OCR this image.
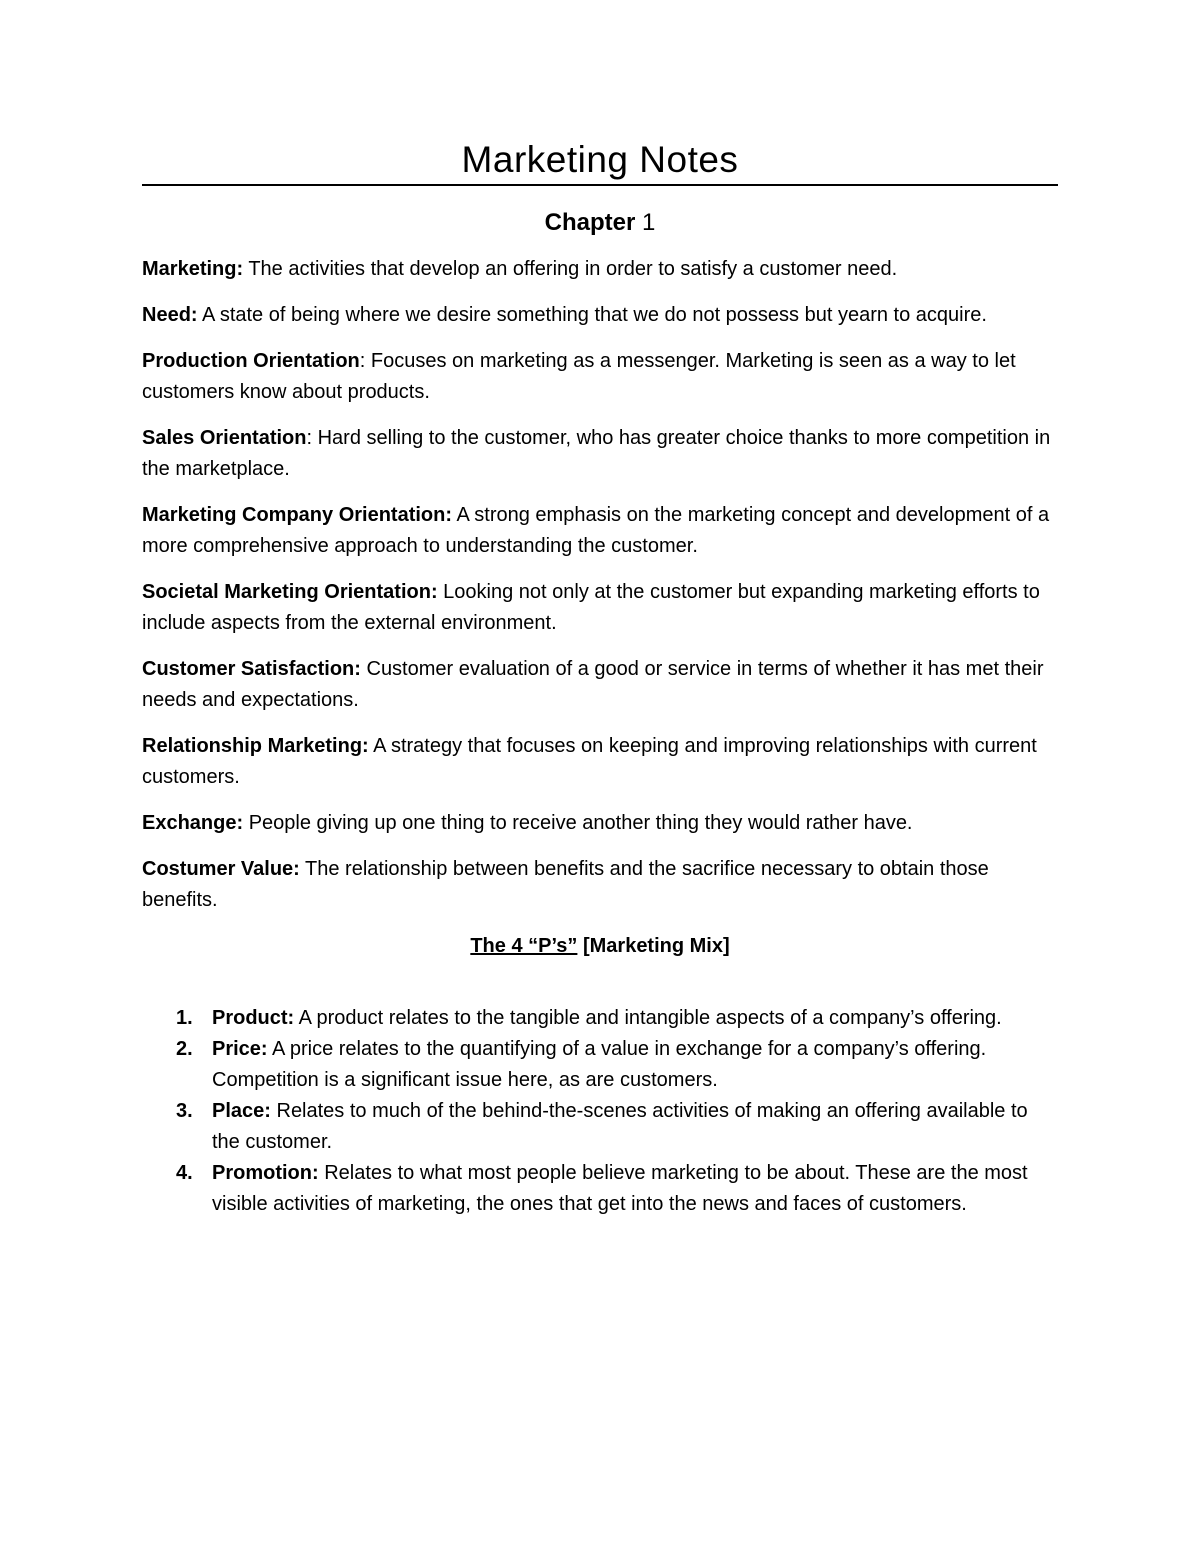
Marketing Notes
Chapter 1

Marketing: The activities that develop an offering in order to satisfy a customer need.

Need: A state of being where we desire something that we do not possess but yearn to acquire.

Production Orientation: Focuses on marketing as a messenger. Marketing is seen as a way to let customers know about products.

Sales Orientation: Hard selling to the customer, who has greater choice thanks to more competition in the marketplace.

Marketing Company Orientation: A strong emphasis on the marketing concept and development of a more comprehensive approach to understanding the customer.

Societal Marketing Orientation: Looking not only at the customer but expanding marketing efforts to include aspects from the external environment.

Customer Satisfaction: Customer evaluation of a good or service in terms of whether it has met their needs and expectations.

Relationship Marketing: A strategy that focuses on keeping and improving relationships with current customers.

Exchange: People giving up one thing to receive another thing they would rather have.

Costumer Value: The relationship between benefits and the sacrifice necessary to obtain those benefits.

The 4 “P’s” [Marketing Mix]
1. Product: A product relates to the tangible and intangible aspects of a company’s offering.
2. Price: A price relates to the quantifying of a value in exchange for a company’s offering. Competition is a significant issue here, as are customers.
3. Place: Relates to much of the behind-the-scenes activities of making an offering available to the customer.
4. Promotion: Relates to what most people believe marketing to be about. These are the most visible activities of marketing, the ones that get into the news and faces of customers.
